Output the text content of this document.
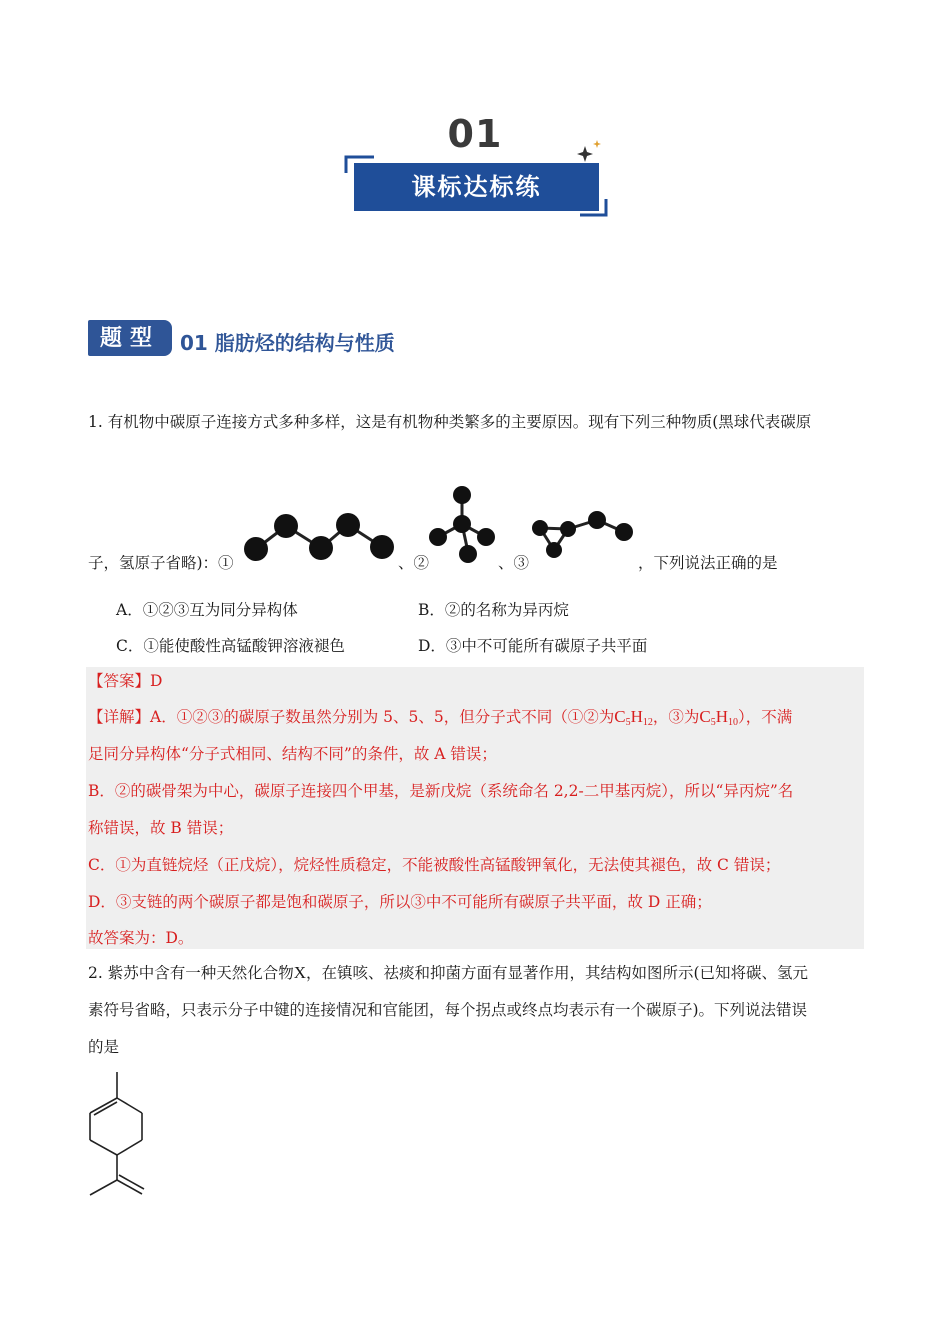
01
课标达标练
题型	01 脂肪烃的结构与性质
1. 有机物中碳原子连接方式多种多样，这是有机物种类繁多的主要原因。现有下列三种物质(黑球代表碳原
子，氢原子省略)：①	、②	、③	，下列说法正确的是
A．①②③互为同分异构体	B．②的名称为异丙烷
C．①能使酸性高锰酸钾溶液褪色	D．③中不可能所有碳原子共平面
【答案】D
【详解】A．①②③的碳原子数虽然分别为 5、5、5，但分子式不同（①②为$C_5H_{12}$，③为$C_5H_{10}$），不满
足同分异构体“分子式相同、结构不同”的条件，故 A 错误；
B．②的碳骨架为中心，碳原子连接四个甲基，是新戊烷（系统命名 2,2-二甲基丙烷），所以“异丙烷”名
称错误，故 B 错误；
C．①为直链烷烃（正戊烷），烷烃性质稳定，不能被酸性高锰酸钾氧化，无法使其褪色，故 C 错误；
D．③支链的两个碳原子都是饱和碳原子，所以③中不可能所有碳原子共平面，故 D 正确；
故答案为：D。
2. 紫苏中含有一种天然化合物X，在镇咳、祛痰和抑菌方面有显著作用，其结构如图所示(已知将碳、氢元
素符号省略，只表示分子中键的连接情况和官能团，每个拐点或终点均表示有一个碳原子)。下列说法错误
的是
